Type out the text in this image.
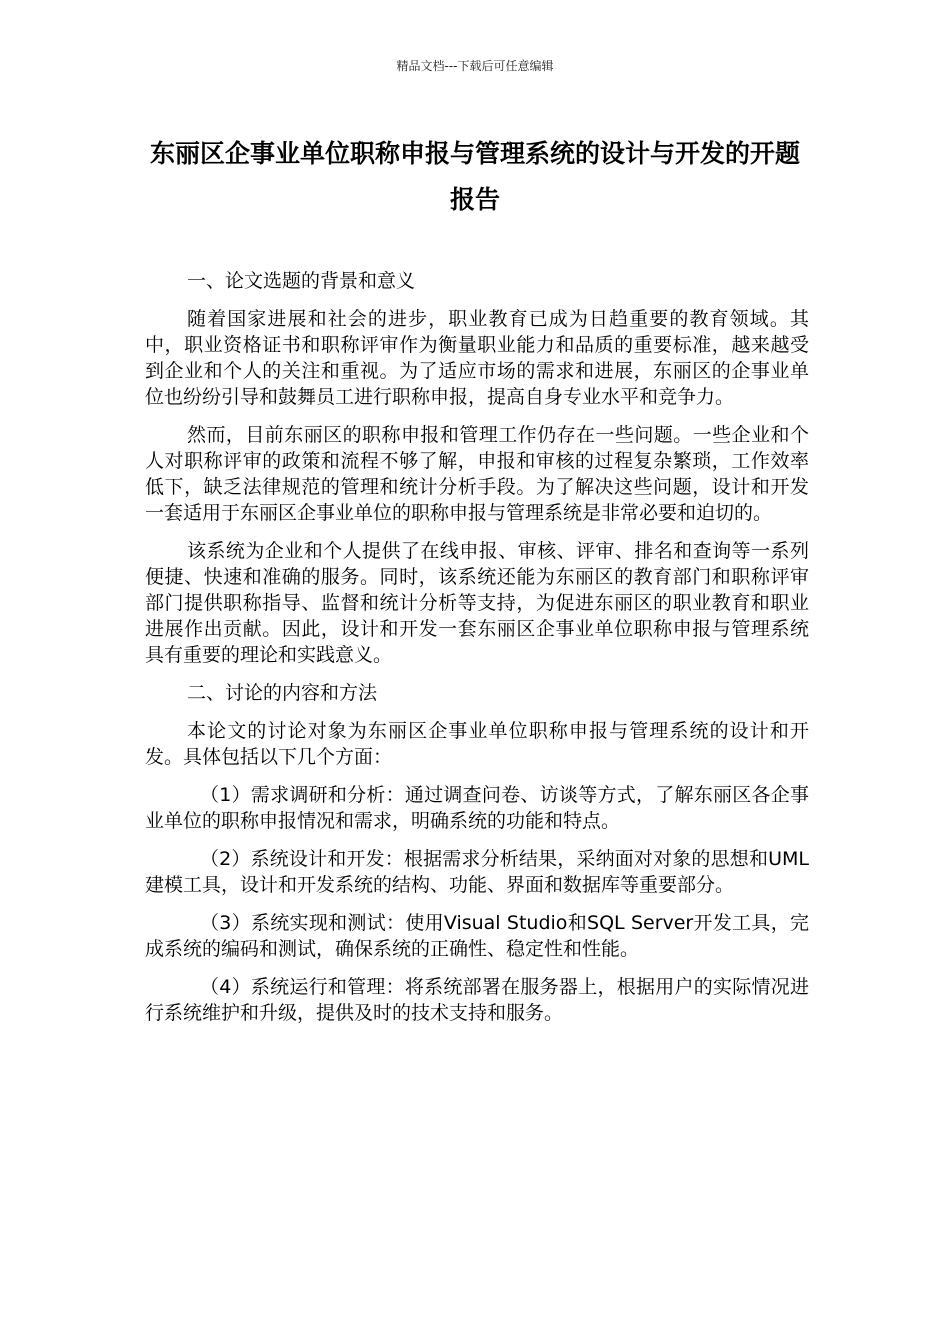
精品文档---下载后可任意编辑
东丽区企事业单位职称申报与管理系统的设计与开发的开题报告

一、论文选题的背景和意义

随着国家进展和社会的进步，职业教育已成为日趋重要的教育领域。其中，职业资格证书和职称评审作为衡量职业能力和品质的重要标准，越来越受到企业和个人的关注和重视。为了适应市场的需求和进展，东丽区的企事业单位也纷纷引导和鼓舞员工进行职称申报，提高自身专业水平和竞争力。

然而，目前东丽区的职称申报和管理工作仍存在一些问题。一些企业和个人对职称评审的政策和流程不够了解，申报和审核的过程复杂繁琐，工作效率低下，缺乏法律规范的管理和统计分析手段。为了解决这些问题，设计和开发一套适用于东丽区企事业单位的职称申报与管理系统是非常必要和迫切的。

该系统为企业和个人提供了在线申报、审核、评审、排名和查询等一系列便捷、快速和准确的服务。同时，该系统还能为东丽区的教育部门和职称评审部门提供职称指导、监督和统计分析等支持，为促进东丽区的职业教育和职业进展作出贡献。因此，设计和开发一套东丽区企事业单位职称申报与管理系统具有重要的理论和实践意义。

二、讨论的内容和方法

本论文的讨论对象为东丽区企事业单位职称申报与管理系统的设计和开发。具体包括以下几个方面：

（1）需求调研和分析：通过调查问卷、访谈等方式，了解东丽区各企事业单位的职称申报情况和需求，明确系统的功能和特点。

（2）系统设计和开发：根据需求分析结果，采纳面对对象的思想和UML建模工具，设计和开发系统的结构、功能、界面和数据库等重要部分。

（3）系统实现和测试：使用Visual Studio和SQL Server开发工具，完成系统的编码和测试，确保系统的正确性、稳定性和性能。

（4）系统运行和管理：将系统部署在服务器上，根据用户的实际情况进行系统维护和升级，提供及时的技术支持和服务。
